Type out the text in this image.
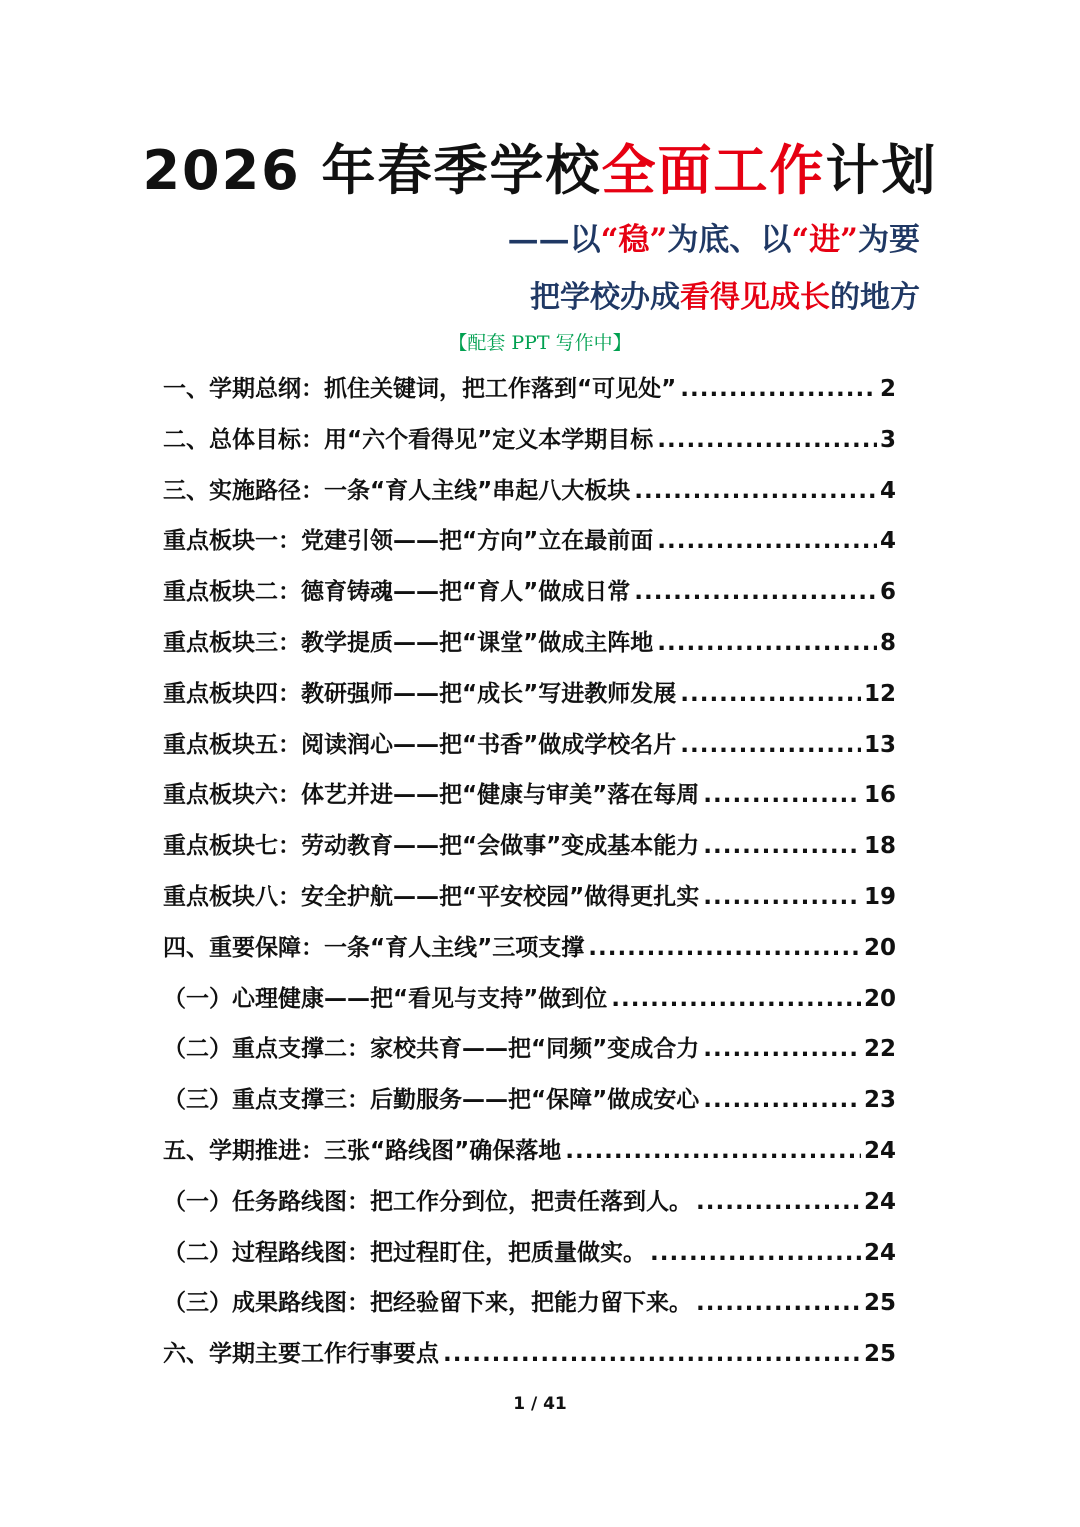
2026 年春季学校全面工作计划
——以“稳”为底、以“进”为要
把学校办成看得见成长的地方
【配套 PPT 写作中】
一、学期总纲：抓住关键词，把工作落到“可见处” .....	2
二、总体目标：用“六个看得见”定义本学期目标 .....	3
三、实施路径：一条“育人主线”串起八大板块 .....	4
重点板块一：党建引领——把“方向”立在最前面 .....	4
重点板块二：德育铸魂——把“育人”做成日常 .....	6
重点板块三：教学提质——把“课堂”做成主阵地 .....	8
重点板块四：教研强师——把“成长”写进教师发展 .....	12
重点板块五：阅读润心——把“书香”做成学校名片 .....	13
重点板块六：体艺并进——把“健康与审美”落在每周 .....	16
重点板块七：劳动教育——把“会做事”变成基本能力 .....	18
重点板块八：安全护航——把“平安校园”做得更扎实 .....	19
四、重要保障：一条“育人主线”三项支撑 .....	20
（一）心理健康——把“看见与支持”做到位 .....	20
（二）重点支撑二：家校共育——把“同频”变成合力 .....	22
（三）重点支撑三：后勤服务——把“保障”做成安心 .....	23
五、学期推进：三张“路线图”确保落地 .....	24
（一）任务路线图：把工作分到位，把责任落到人。 .....	24
（二）过程路线图：把过程盯住，把质量做实。 .....	24
（三）成果路线图：把经验留下来，把能力留下来。 .....	25
六、学期主要工作行事要点 .....	25
1 / 41
